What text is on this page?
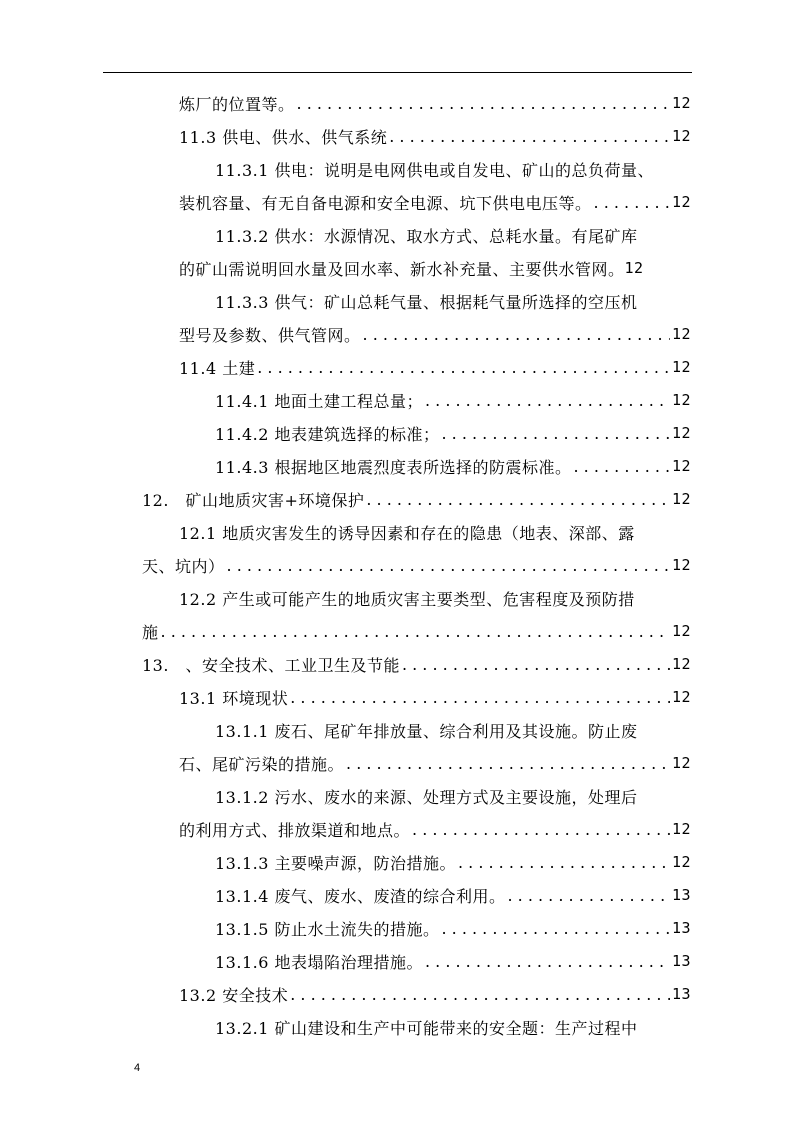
炼厂的位置等。 . . .	12
11.3 供电、供水、供气系统 . . .	12
11.3.1 供电：说明是电网供电或自发电、矿山的总负荷量、
装机容量、有无自备电源和安全电源、坑下供电电压等。 . . .	12
11.3.2 供水：水源情况、取水方式、总耗水量。有尾矿库
的矿山需说明回水量及回水率、新水补充量、主要供水管网。 12
11.3.3 供气：矿山总耗气量、根据耗气量所选择的空压机
型号及参数、供气管网。 . . .	12
11.4 土建 . . .	12
11.4.1 地面土建工程总量； . . .	12
11.4.2 地表建筑选择的标准； . . .	12
11.4.3 根据地区地震烈度表所选择的防震标准。 . . .	12
12.　矿山地质灾害+环境保护 . . .	12
12.1 地质灾害发生的诱导因素和存在的隐患（地表、深部、露
天、坑内） . . .	12
12.2 产生或可能产生的地质灾害主要类型、危害程度及预防措
施 . . .	12
13.　、安全技术、工业卫生及节能 . . .	12
13.1 环境现状 . . .	12
13.1.1 废石、尾矿年排放量、综合利用及其设施。防止废
石、尾矿污染的措施。 . . .	12
13.1.2 污水、废水的来源、处理方式及主要设施，处理后
的利用方式、排放渠道和地点。 . . .	12
13.1.3 主要噪声源，防治措施。 . . .	12
13.1.4 废气、废水、废渣的综合利用。 . . .	13
13.1.5 防止水土流失的措施。 . . .	13
13.1.6 地表塌陷治理措施。 . . .	13
13.2 安全技术 . . .	13
13.2.1 矿山建设和生产中可能带来的安全题：生产过程中
4
